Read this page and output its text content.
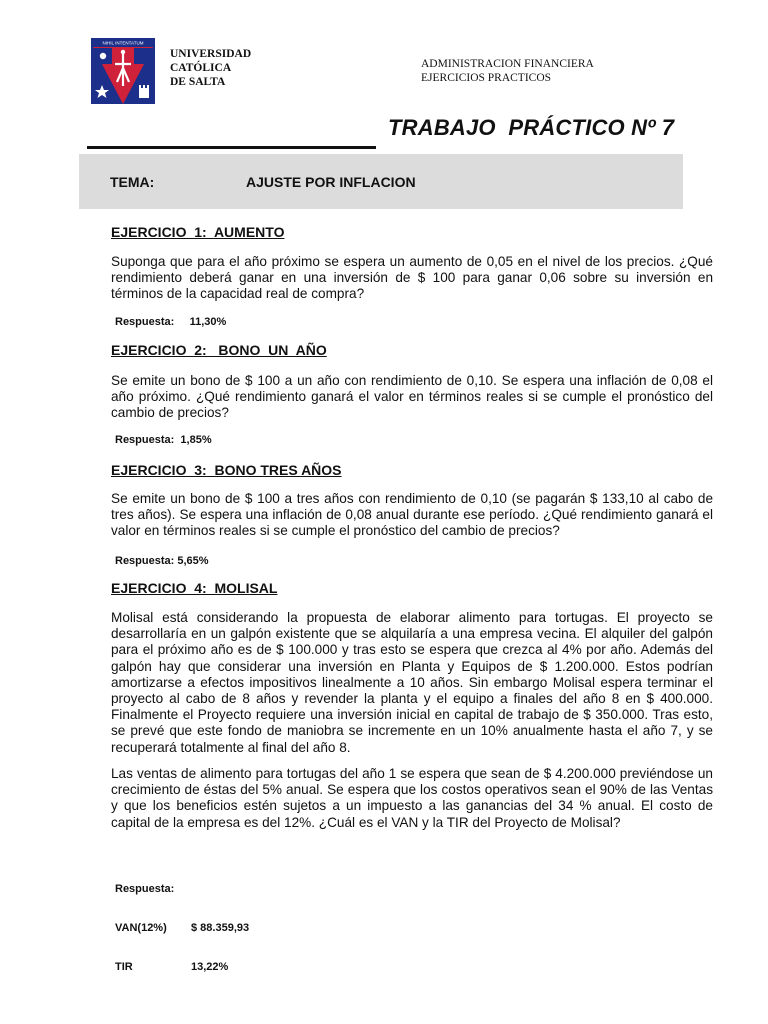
NIHIL INTENTATUM
UNIVERSIDAD
CATÓLICA
DE SALTA
ADMINISTRACION FINANCIERA
EJERCICIOS PRACTICOS
TRABAJO  PRÁCTICO Nº 7
TEMA:	AJUSTE POR INFLACION
EJERCICIO  1:  AUMENTO
Suponga que para el año próximo se espera un aumento de 0,05 en el nivel de los precios. ¿Qué rendimiento deberá ganar en una inversión de $ 100 para ganar 0,06 sobre su inversión en términos de la capacidad real de compra?
Respuesta:     11,30%
EJERCICIO  2:   BONO  UN  AÑO
Se emite un bono de $ 100 a un año con rendimiento de 0,10. Se espera una inflación de 0,08 el año próximo. ¿Qué rendimiento ganará el valor en términos reales si se cumple el pronóstico del cambio de precios?
Respuesta:  1,85%
EJERCICIO  3:  BONO TRES AÑOS
Se emite un bono de $ 100 a tres años con rendimiento de 0,10 (se pagarán $ 133,10 al cabo de tres años). Se espera una inflación de 0,08 anual durante ese período. ¿Qué rendimiento ganará el valor en términos reales si se cumple el pronóstico del cambio de precios?
Respuesta: 5,65%
EJERCICIO  4:  MOLISAL
Molisal está considerando la propuesta de elaborar alimento para tortugas. El proyecto se desarrollaría en un galpón existente que se alquilaría a una empresa vecina. El alquiler del galpón para el próximo año es de $ 100.000 y tras esto se espera que crezca al 4% por año. Además del galpón hay que considerar una inversión en Planta y Equipos de $ 1.200.000. Estos podrían amortizarse a efectos impositivos linealmente a 10 años. Sin embargo Molisal espera terminar el proyecto al cabo de 8 años y revender la planta y el equipo a finales del año 8 en $ 400.000. Finalmente el Proyecto requiere una inversión inicial en capital de trabajo de $ 350.000. Tras esto, se prevé que este fondo de maniobra se incremente en un 10% anualmente hasta el año 7, y se recuperará totalmente al final del año 8.
Las ventas de alimento para tortugas del año 1 se espera que sean de $ 4.200.000 previéndose un crecimiento de éstas del 5% anual. Se espera que los costos operativos sean el 90% de las Ventas y que los beneficios estén sujetos a un impuesto a las ganancias del 34 % anual. El costo de capital de la empresa es del 12%. ¿Cuál es el VAN y la TIR del Proyecto de Molisal?

Respuesta:

VAN(12%)	$ 88.359,93

TIR	13,22%
